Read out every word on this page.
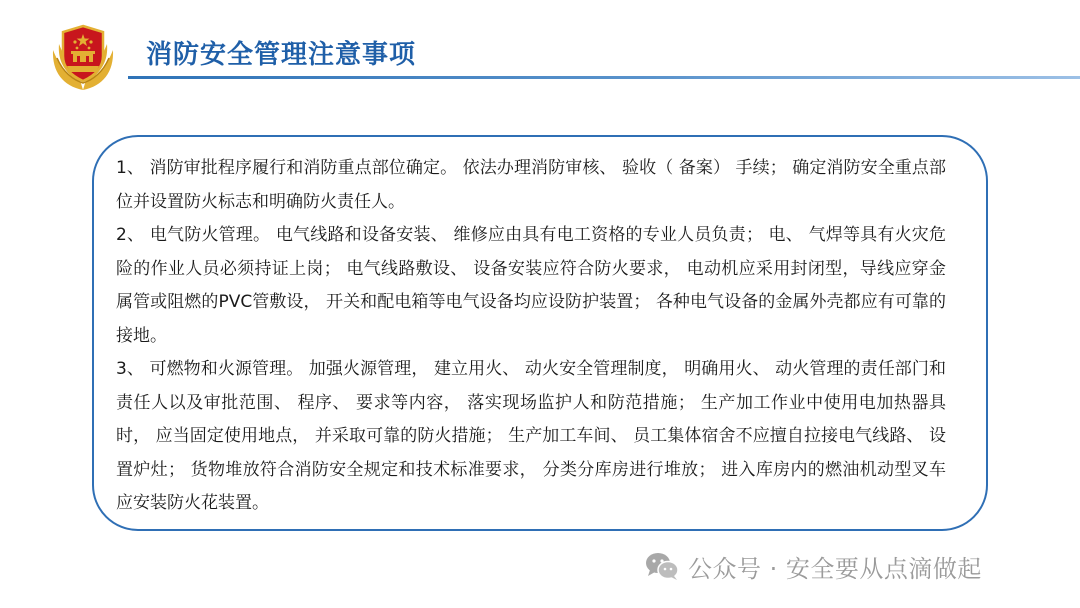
消防安全管理注意事项

1、 消防审批程序履行和消防重点部位确定。 依法办理消防审核、 验收（ 备案） 手续； 确定消防安全重点部位并设置防火标志和明确防火责任人。

2、 电气防火管理。 电气线路和设备安装、 维修应由具有电工资格的专业人员负责； 电、 气焊等具有火灾危险的作业人员必须持证上岗； 电气线路敷设、 设备安装应符合防火要求， 电动机应采用封闭型，导线应穿金属管或阻燃的PVC管敷设， 开关和配电箱等电气设备均应设防护装置； 各种电气设备的金属外壳都应有可靠的接地。

3、 可燃物和火源管理。 加强火源管理， 建立用火、 动火安全管理制度， 明确用火、 动火管理的责任部门和责任人以及审批范围、 程序、 要求等内容， 落实现场监护人和防范措施； 生产加工作业中使用电加热器具时， 应当固定使用地点， 并采取可靠的防火措施； 生产加工车间、 员工集体宿舍不应擅自拉接电气线路、 设置炉灶； 货物堆放符合消防安全规定和技术标准要求， 分类分库房进行堆放； 进入库房内的燃油机动型叉车应安装防火花装置。

公众号 · 安全要从点滴做起
